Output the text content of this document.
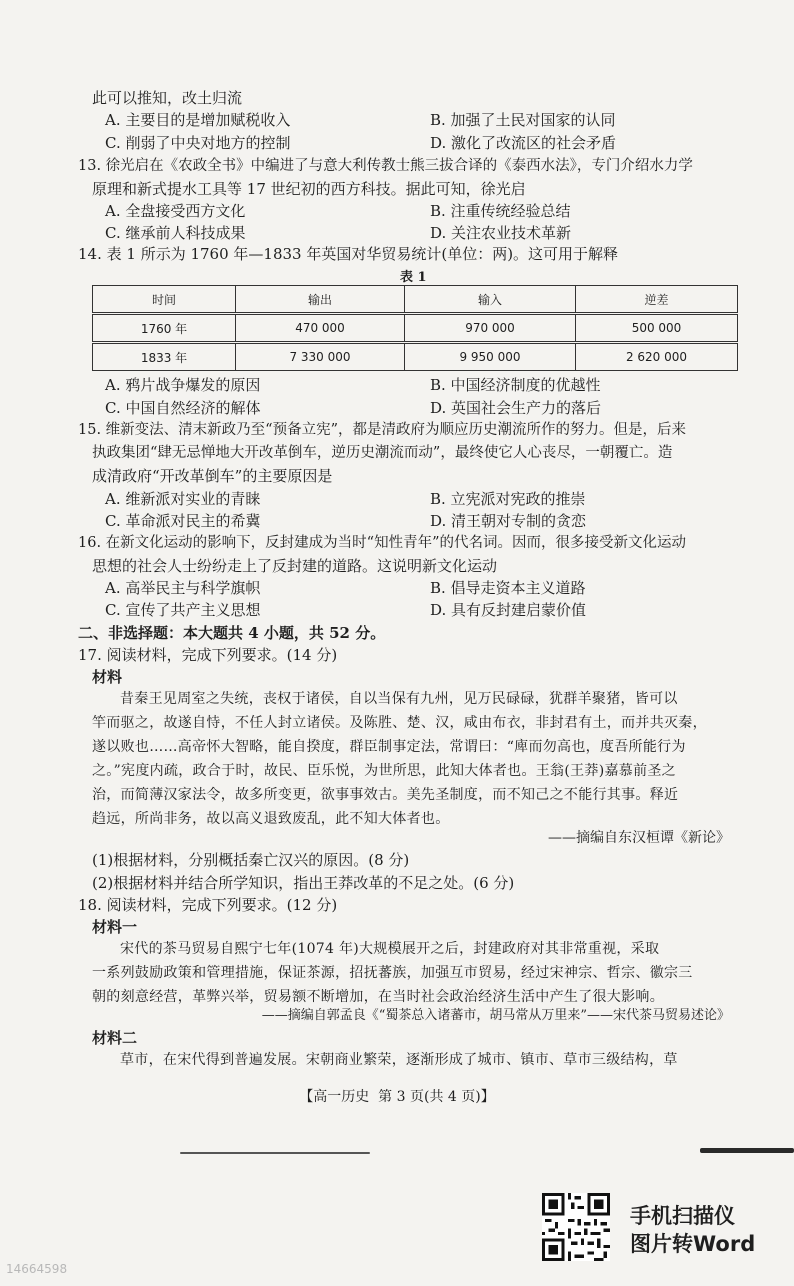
此可以推知，改土归流
A. 主要目的是增加赋税收入	B. 加强了土民对国家的认同
C. 削弱了中央对地方的控制	D. 激化了改流区的社会矛盾
13. 徐光启在《农政全书》中编进了与意大利传教士熊三拔合译的《泰西水法》，专门介绍水力学
原理和新式提水工具等 17 世纪初的西方科技。据此可知，徐光启
A. 全盘接受西方文化	B. 注重传统经验总结
C. 继承前人科技成果	D. 关注农业技术革新
14. 表 1 所示为 1760 年—1833 年英国对华贸易统计(单位：两)。这可用于解释
表 1
时间	输出	输入	逆差
1760 年	470 000	970 000	500 000
1833 年	7 330 000	9 950 000	2 620 000
A. 鸦片战争爆发的原因	B. 中国经济制度的优越性
C. 中国自然经济的解体	D. 英国社会生产力的落后
15. 维新变法、清末新政乃至“预备立宪”，都是清政府为顺应历史潮流所作的努力。但是，后来
执政集团“肆无忌惮地大开改革倒车，逆历史潮流而动”，最终使它人心丧尽，一朝覆亡。造
成清政府“开改革倒车”的主要原因是
A. 维新派对实业的青睐	B. 立宪派对宪政的推崇
C. 革命派对民主的希冀	D. 清王朝对专制的贪恋
16. 在新文化运动的影响下，反封建成为当时“知性青年”的代名词。因而，很多接受新文化运动
思想的社会人士纷纷走上了反封建的道路。这说明新文化运动
A. 高举民主与科学旗帜	B. 倡导走资本主义道路
C. 宣传了共产主义思想	D. 具有反封建启蒙价值
二、非选择题：本大题共 4 小题，共 52 分。
17. 阅读材料，完成下列要求。(14 分)
材料
昔秦王见周室之失统，丧权于诸侯，自以当保有九州，见万民碌碌，犹群羊聚猪，皆可以
竿而驱之，故遂自恃，不任人封立诸侯。及陈胜、楚、汉，咸由布衣，非封君有土，而并共灭秦，
遂以败也……高帝怀大智略，能自揆度，群臣制事定法，常谓曰：“庳而勿高也，度吾所能行为
之。”宪度内疏，政合于时，故民、臣乐悦，为世所思，此知大体者也。王翁(王莽)嘉慕前圣之
治，而简薄汉家法令，故多所变更，欲事事效古。美先圣制度，而不知己之不能行其事。释近
趋远，所尚非务，故以高义退致废乱，此不知大体者也。
——摘编自东汉桓谭《新论》
(1)根据材料，分别概括秦亡汉兴的原因。(8 分)
(2)根据材料并结合所学知识，指出王莽改革的不足之处。(6 分)
18. 阅读材料，完成下列要求。(12 分)
材料一
宋代的茶马贸易自熙宁七年(1074 年)大规模展开之后，封建政府对其非常重视，采取
一系列鼓励政策和管理措施，保证茶源，招抚蕃族，加强互市贸易，经过宋神宗、哲宗、徽宗三
朝的刻意经营，革弊兴举，贸易额不断增加，在当时社会政治经济生活中产生了很大影响。
——摘编自郭孟良《“蜀茶总入诸蕃市，胡马常从万里来”——宋代茶马贸易述论》
材料二
草市，在宋代得到普遍发展。宋朝商业繁荣，逐渐形成了城市、镇市、草市三级结构，草
【高一历史 第 3 页(共 4 页)】
手机扫描仪
图片转Word
14664598
